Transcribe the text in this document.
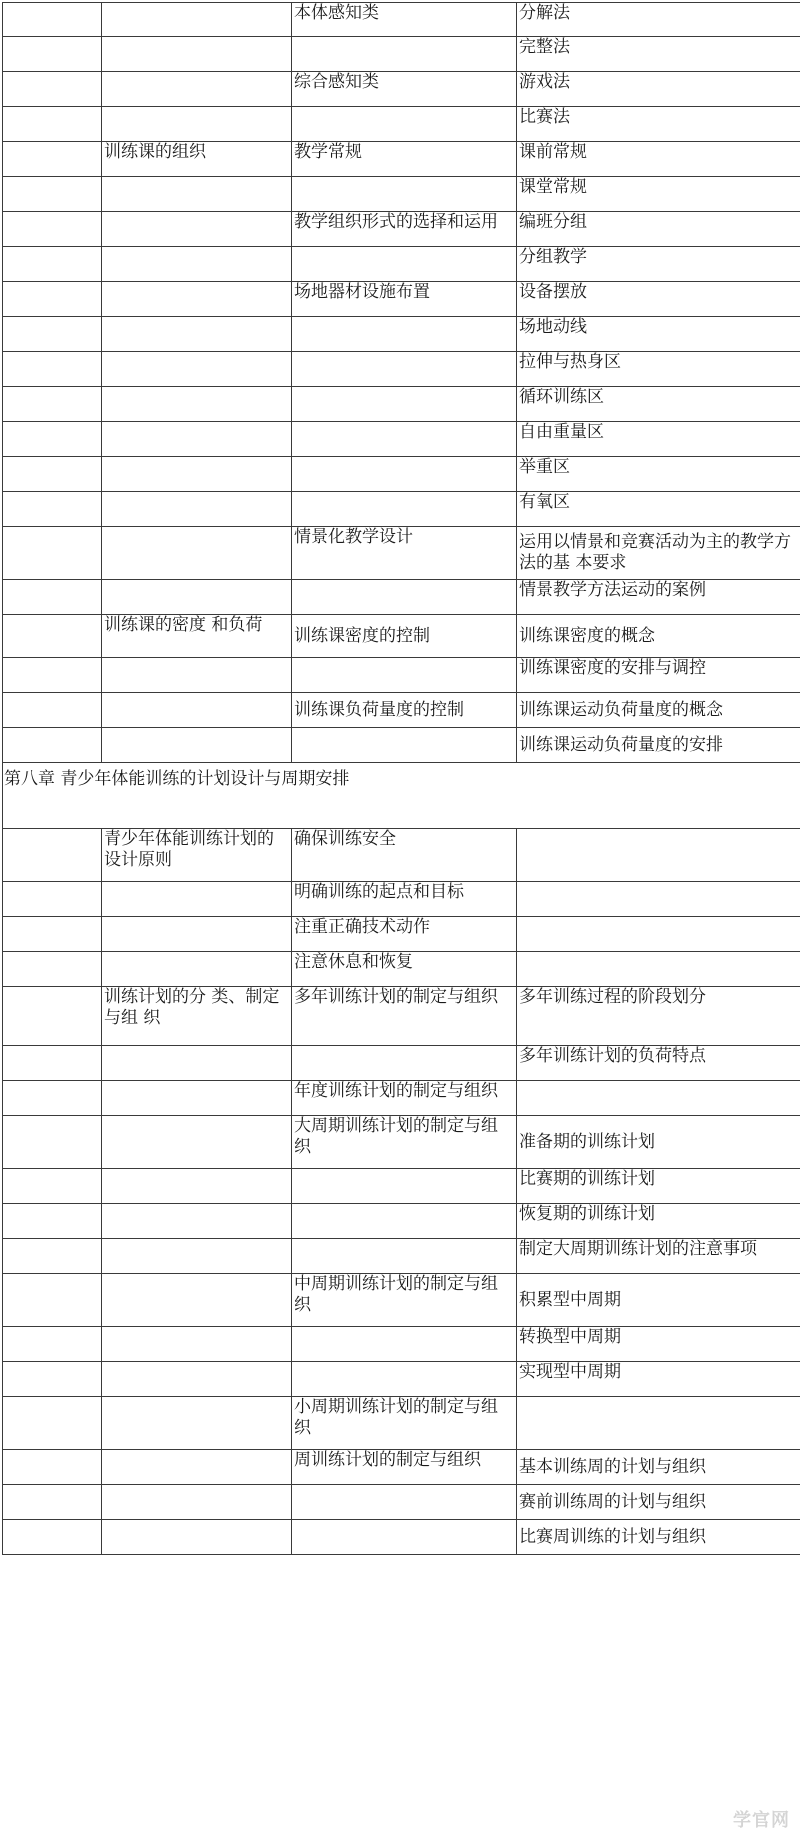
		本体感知类	分解法
			完整法
		综合感知类	游戏法
			比赛法
	训练课的组织	教学常规	课前常规
			课堂常规
		教学组织形式的选择和运用	编班分组
			分组教学
		场地器材设施布置	设备摆放
			场地动线
			拉伸与热身区
			循环训练区
			自由重量区
			举重区
			有氧区
		情景化教学设计	运用以情景和竞赛活动为主的教学方法的基 本要求
			情景教学方法运动的案例
	训练课的密度 和负荷	训练课密度的控制	训练课密度的概念
			训练课密度的安排与调控
		训练课负荷量度的控制	训练课运动负荷量度的概念
			训练课运动负荷量度的安排
第八章 青少年体能训练的计划设计与周期安排			
	青少年体能训练计划的设计原则	确保训练安全	
		明确训练的起点和目标	
		注重正确技术动作	
		注意休息和恢复	
	训练计划的分 类、制定与组 织	多年训练计划的制定与组织	多年训练过程的阶段划分
			多年训练计划的负荷特点
		年度训练计划的制定与组织	
		大周期训练计划的制定与组织	准备期的训练计划
			比赛期的训练计划
			恢复期的训练计划
			制定大周期训练计划的注意事项
		中周期训练计划的制定与组织	积累型中周期
			转换型中周期
			实现型中周期
		小周期训练计划的制定与组织	
		周训练计划的制定与组织	基本训练周的计划与组织
			赛前训练周的计划与组织
			比赛周训练的计划与组织
学官网
